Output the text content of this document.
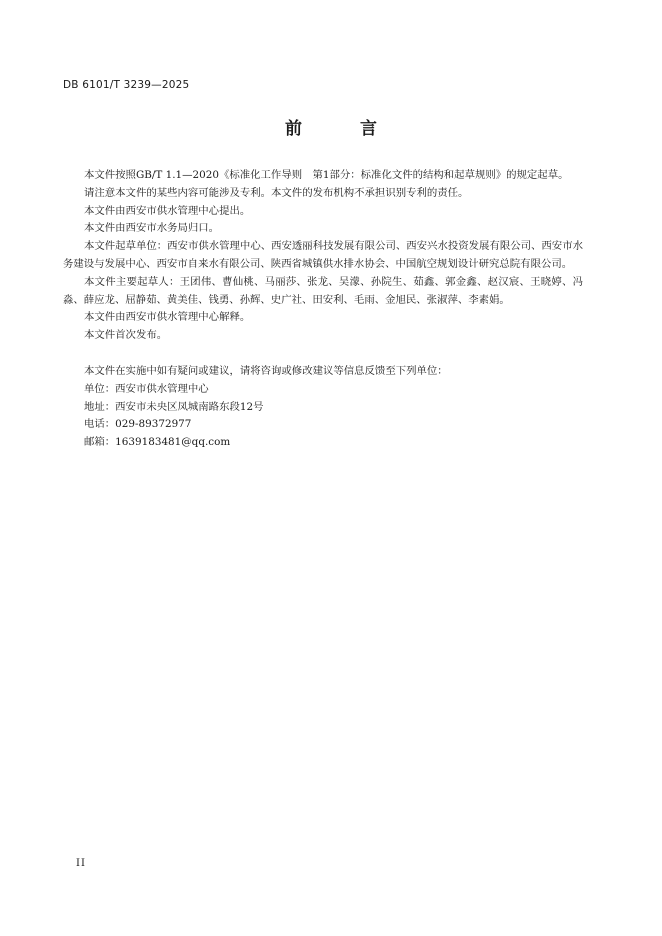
DB 6101/T 3239—2025
前 言

本文件按照GB/T 1.1—2020《标准化工作导则　第1部分：标准化文件的结构和起草规则》的规定起草。

请注意本文件的某些内容可能涉及专利。本文件的发布机构不承担识别专利的责任。

本文件由西安市供水管理中心提出。

本文件由西安市水务局归口。

本文件起草单位：西安市供水管理中心、西安透丽科技发展有限公司、西安兴水投资发展有限公司、西安市水务建设与发展中心、西安市自来水有限公司、陕西省城镇供水排水协会、中国航空规划设计研究总院有限公司。

本文件主要起草人：王团伟、曹仙桃、马丽莎、张龙、吴濛、孙院生、茹鑫、郭金鑫、赵汉宸、王晓婷、冯淼、薛应龙、屈静茹、黄美佳、钱勇、孙辉、史广社、田安利、毛雨、金旭民、张淑萍、李素娟。

本文件由西安市供水管理中心解释。

本文件首次发布。

本文件在实施中如有疑问或建议，请将咨询或修改建议等信息反馈至下列单位：

单位：西安市供水管理中心

地址：西安市未央区凤城南路东段12号

电话：029-89372977

邮箱：1639183481@qq.com

II
